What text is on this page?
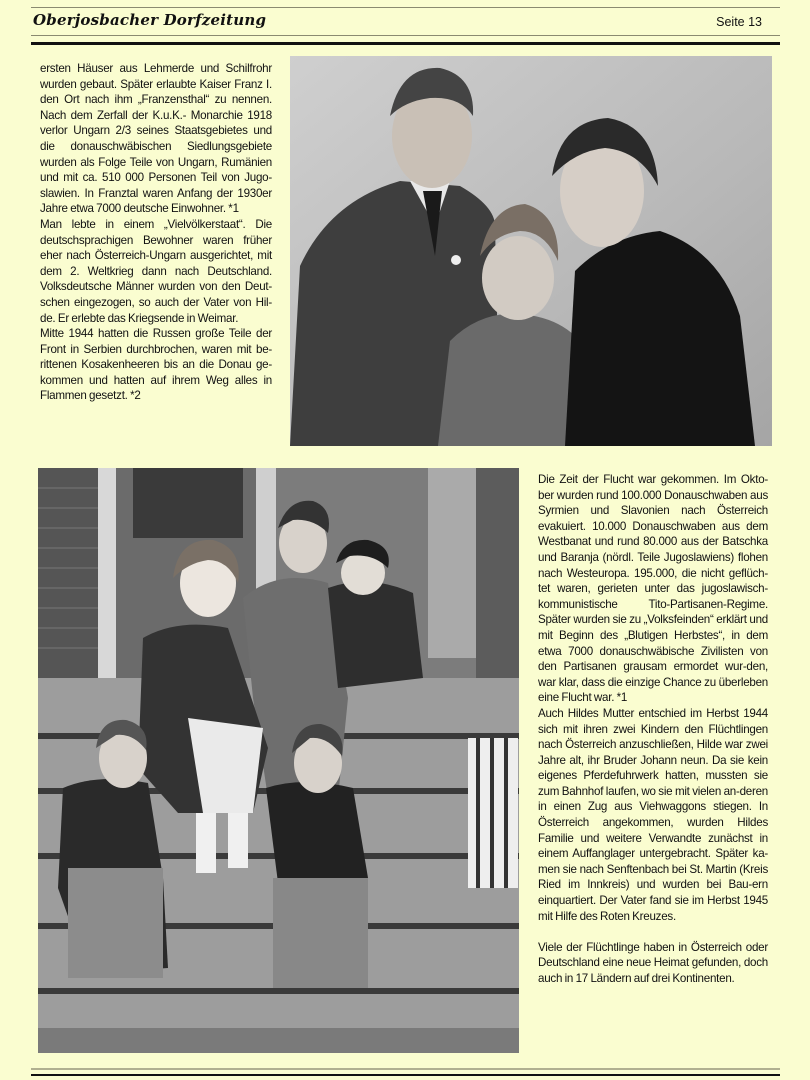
Oberjosbacher Dorfzeitung	Seite 13

ersten Häuser aus Lehmerde und Schilfrohr wurden gebaut. Später erlaubte Kaiser Franz I. den Ort nach ihm „Franzensthal“ zu nennen. Nach dem Zerfall der K.u.K.- Monarchie 1918 verlor Ungarn 2/3 seines Staatsgebietes und die donauschwäbischen Siedlungsgebiete wurden als Folge Teile von Ungarn, Rumänien und mit ca. 510 000 Personen Teil von Jugo-slawien. In Franztal waren Anfang der 1930er Jahre etwa 7000 deutsche Einwohner. *1

Man lebte in einem „Vielvölkerstaat“. Die deutschsprachigen Bewohner waren früher eher nach Österreich-Ungarn ausgerichtet, mit dem 2. Weltkrieg dann nach Deutschland. Volksdeutsche Männer wurden von den Deut-schen eingezogen, so auch der Vater von Hil-de. Er erlebte das Kriegsende in Weimar.

Mitte 1944 hatten die Russen große Teile der Front in Serbien durchbrochen, waren mit be-rittenen Kosakenheeren bis an die Donau ge-kommen und hatten auf ihrem Weg alles in Flammen gesetzt. *2

Die Zeit der Flucht war gekommen. Im Okto-ber wurden rund 100.000 Donauschwaben aus Syrmien und Slavonien nach Österreich evakuiert. 10.000 Donauschwaben aus dem Westbanat und rund 80.000 aus der Batschka und Baranja (nördl. Teile Jugoslawiens) flohen nach Westeuropa. 195.000, die nicht geflüch-tet waren, gerieten unter das jugoslawisch-kommunistische Tito-Partisanen-Regime. Später wurden sie zu „Volksfeinden“ erklärt und mit Beginn des „Blutigen Herbstes“, in dem etwa 7000 donauschwäbische Zivilisten von den Partisanen grausam ermordet wur-den, war klar, dass die einzige Chance zu überleben eine Flucht war. *1

Auch Hildes Mutter entschied im Herbst 1944 sich mit ihren zwei Kindern den Flüchtlingen nach Österreich anzuschließen, Hilde war zwei Jahre alt, ihr Bruder Johann neun. Da sie kein eigenes Pferdefuhrwerk hatten, mussten sie zum Bahnhof laufen, wo sie mit vielen an-deren in einen Zug aus Viehwaggons stiegen. In Österreich angekommen, wurden Hildes Familie und weitere Verwandte zunächst in einem Auffanglager untergebracht. Später ka-men sie nach Senftenbach bei St. Martin (Kreis Ried im Innkreis) und wurden bei Bau-ern einquartiert. Der Vater fand sie im Herbst 1945 mit Hilfe des Roten Kreuzes.

Viele der Flüchtlinge haben in Österreich oder Deutschland eine neue Heimat gefunden, doch auch in 17 Ländern auf drei Kontinenten.
